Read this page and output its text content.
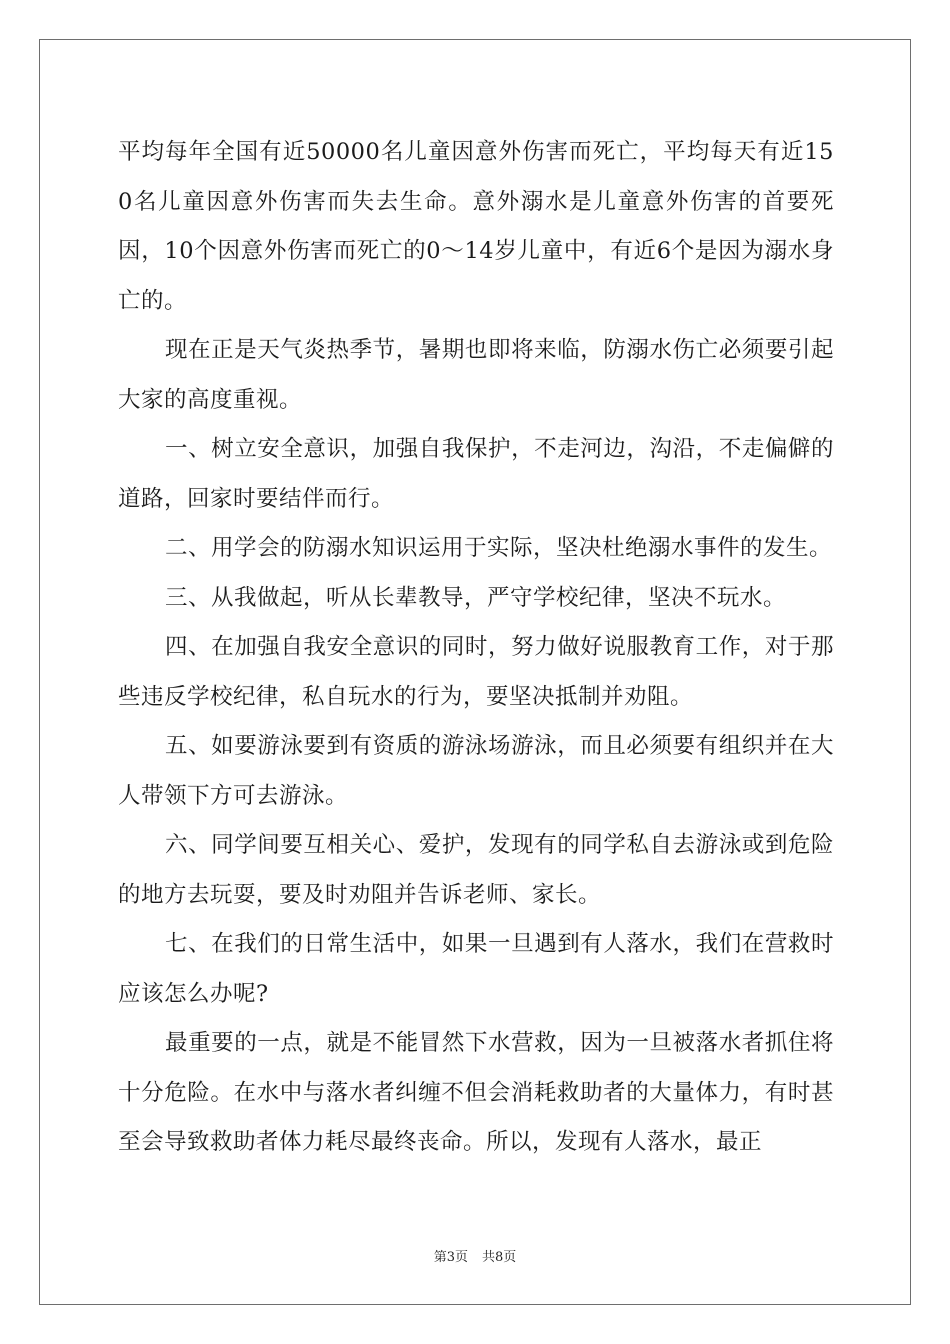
平均每年全国有近50000名儿童因意外伤害而死亡，平均每天有近150名儿童因意外伤害而失去生命。意外溺水是儿童意外伤害的首要死因，10个因意外伤害而死亡的0～14岁儿童中，有近6个是因为溺水身亡的。

现在正是天气炎热季节，暑期也即将来临，防溺水伤亡必须要引起大家的高度重视。

一、树立安全意识，加强自我保护，不走河边，沟沿，不走偏僻的道路，回家时要结伴而行。

二、用学会的防溺水知识运用于实际，坚决杜绝溺水事件的发生。

三、从我做起，听从长辈教导，严守学校纪律，坚决不玩水。

四、在加强自我安全意识的同时，努力做好说服教育工作，对于那些违反学校纪律，私自玩水的行为，要坚决抵制并劝阻。

五、如要游泳要到有资质的游泳场游泳，而且必须要有组织并在大人带领下方可去游泳。

六、同学间要互相关心、爱护，发现有的同学私自去游泳或到危险的地方去玩耍，要及时劝阻并告诉老师、家长。

七、在我们的日常生活中，如果一旦遇到有人落水，我们在营救时应该怎么办呢?

最重要的一点，就是不能冒然下水营救，因为一旦被落水者抓住将十分危险。在水中与落水者纠缠不但会消耗救助者的大量体力，有时甚至会导致救助者体力耗尽最终丧命。所以，发现有人落水，最正

第3页 共8页
